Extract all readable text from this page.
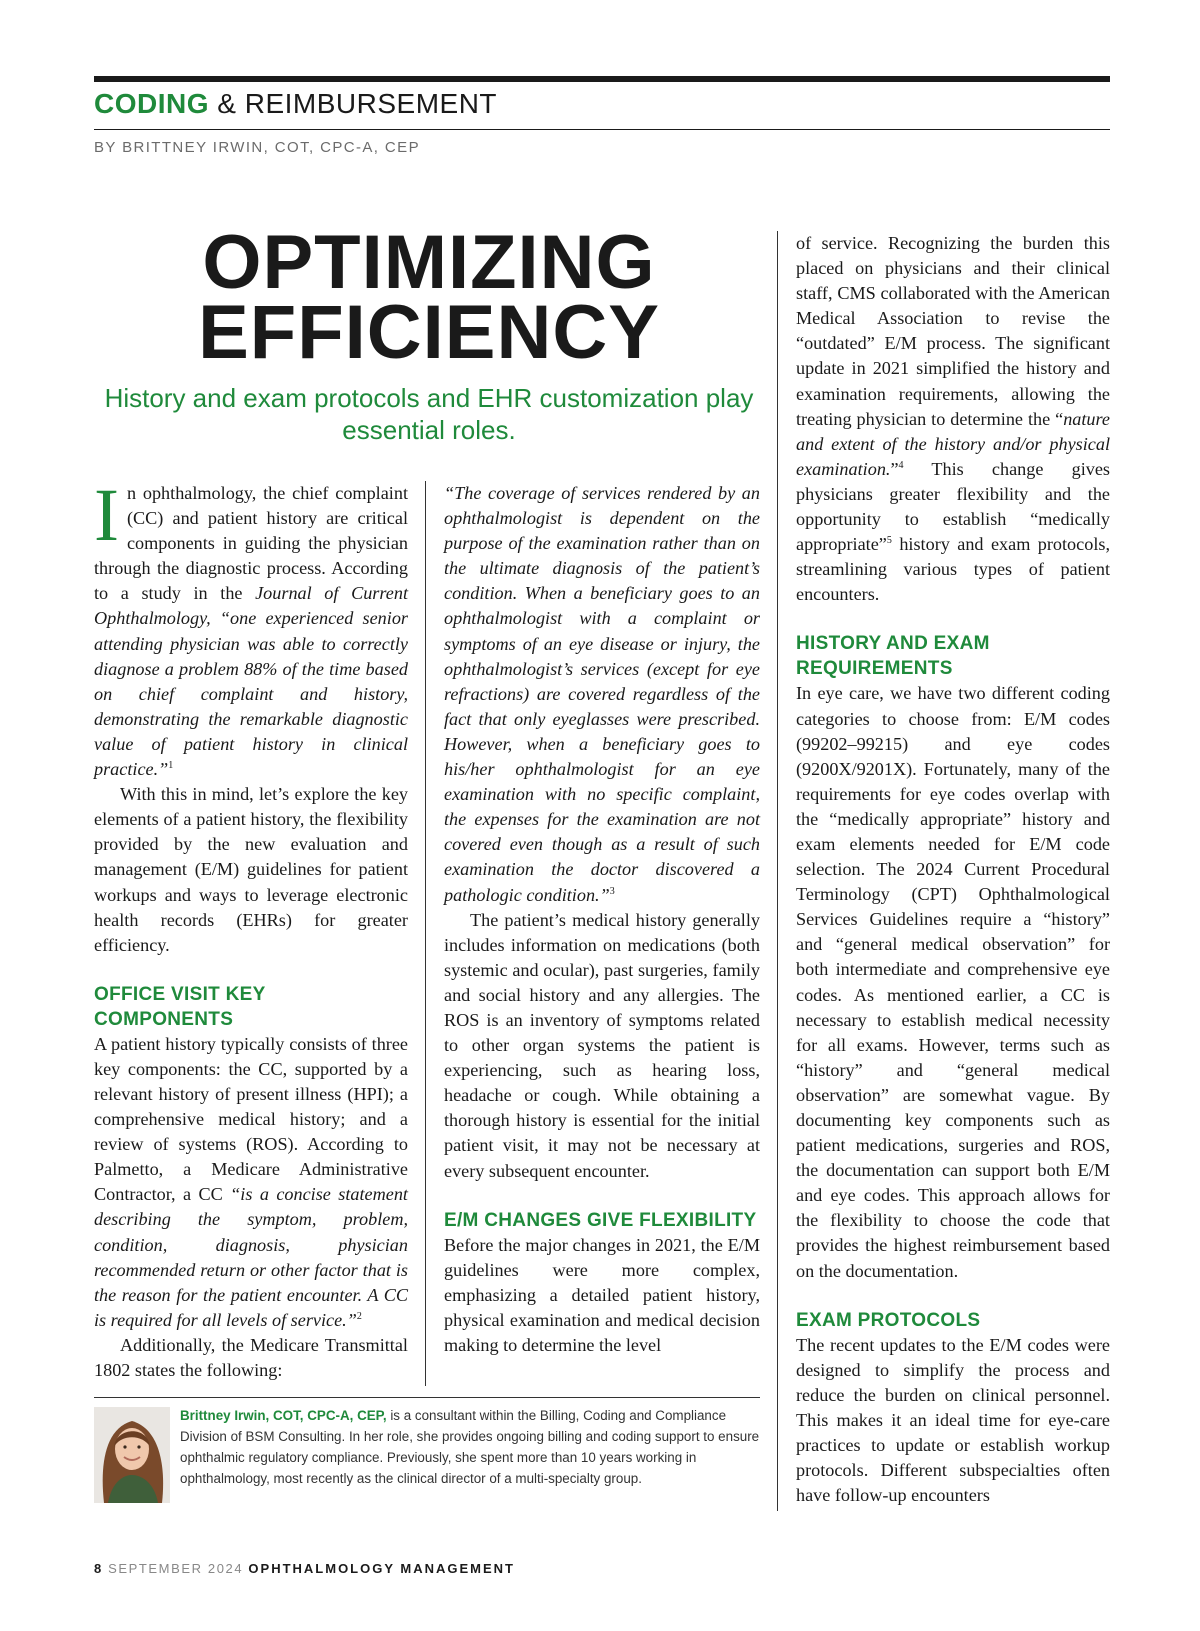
CODING & REIMBURSEMENT
BY BRITTNEY IRWIN, COT, CPC-A, CEP
OPTIMIZING
EFFICIENCY
History and exam protocols and EHR customization play essential roles.

In ophthalmology, the chief complaint (CC) and patient history are critical components in guiding the physician through the diagnostic process. According to a study in the Journal of Current Ophthalmology, “one experienced senior attending physician was able to correctly diagnose a problem 88% of the time based on chief complaint and history, demonstrating the remarkable diagnostic value of patient history in clinical practice.”$^1$

With this in mind, let’s explore the key elements of a patient history, the flexibility provided by the new evaluation and management (E/M) guidelines for patient workups and ways to leverage electronic health records (EHRs) for greater efficiency.

OFFICE VISIT KEY COMPONENTS

A patient history typically consists of three key components: the CC, supported by a relevant history of present illness (HPI); a comprehensive medical history; and a review of systems (ROS). According to Palmetto, a Medicare Administrative Contractor, a CC “is a concise statement describing the symptom, problem, condition, diagnosis, physician recommended return or other factor that is the reason for the patient encounter. A CC is required for all levels of service.”$^2$

Additionally, the Medicare Transmittal 1802 states the following:

“The coverage of services rendered by an ophthalmologist is dependent on the purpose of the examination rather than on the ultimate diagnosis of the patient’s condition. When a beneficiary goes to an ophthalmologist with a complaint or symptoms of an eye disease or injury, the ophthalmologist’s services (except for eye refractions) are covered regardless of the fact that only eyeglasses were prescribed. However, when a beneficiary goes to his/her ophthalmologist for an eye examination with no specific complaint, the expenses for the examination are not covered even though as a result of such examination the doctor discovered a pathologic condition.”$^3$

The patient’s medical history generally includes information on medications (both systemic and ocular), past surgeries, family and social history and any allergies. The ROS is an inventory of symptoms related to other organ systems the patient is experiencing, such as hearing loss, headache or cough. While obtaining a thorough history is essential for the initial patient visit, it may not be necessary at every subsequent encounter.

E/M CHANGES GIVE FLEXIBILITY

Before the major changes in 2021, the E/M guidelines were more complex, emphasizing a detailed patient history, physical examination and medical decision making to determine the level

of service. Recognizing the burden this placed on physicians and their clinical staff, CMS collaborated with the American Medical Association to revise the “outdated” E/M process. The significant update in 2021 simplified the history and examination requirements, allowing the treating physician to determine the “nature and extent of the history and/or physical examination.”$^4$ This change gives physicians greater flexibility and the opportunity to establish “medically appropriate”$^5$ history and exam protocols, streamlining various types of patient encounters.

HISTORY AND EXAM REQUIREMENTS

In eye care, we have two different coding categories to choose from: E/M codes (99202–99215) and eye codes (9200X/9201X). Fortunately, many of the requirements for eye codes overlap with the “medically appropriate” history and exam elements needed for E/M code selection. The 2024 Current Procedural Terminology (CPT) Ophthalmological Services Guidelines require a “history” and “general medical observation” for both intermediate and comprehensive eye codes. As mentioned earlier, a CC is necessary to establish medical necessity for all exams. However, terms such as “history” and “general medical observation” are somewhat vague. By documenting key components such as patient medications, surgeries and ROS, the documentation can support both E/M and eye codes. This approach allows for the flexibility to choose the code that provides the highest reimbursement based on the documentation.

EXAM PROTOCOLS

The recent updates to the E/M codes were designed to simplify the process and reduce the burden on clinical personnel. This makes it an ideal time for eye-care practices to update or establish workup protocols. Different subspecialties often have follow-up encounters

Brittney Irwin, COT, CPC-A, CEP, is a consultant within the Billing, Coding and Compliance Division of BSM Consulting. In her role, she provides ongoing billing and coding support to ensure ophthalmic regulatory compliance. Previously, she spent more than 10 years working in ophthalmology, most recently as the clinical director of a multi-specialty group.
8 SEPTEMBER 2024 OPHTHALMOLOGY MANAGEMENT
